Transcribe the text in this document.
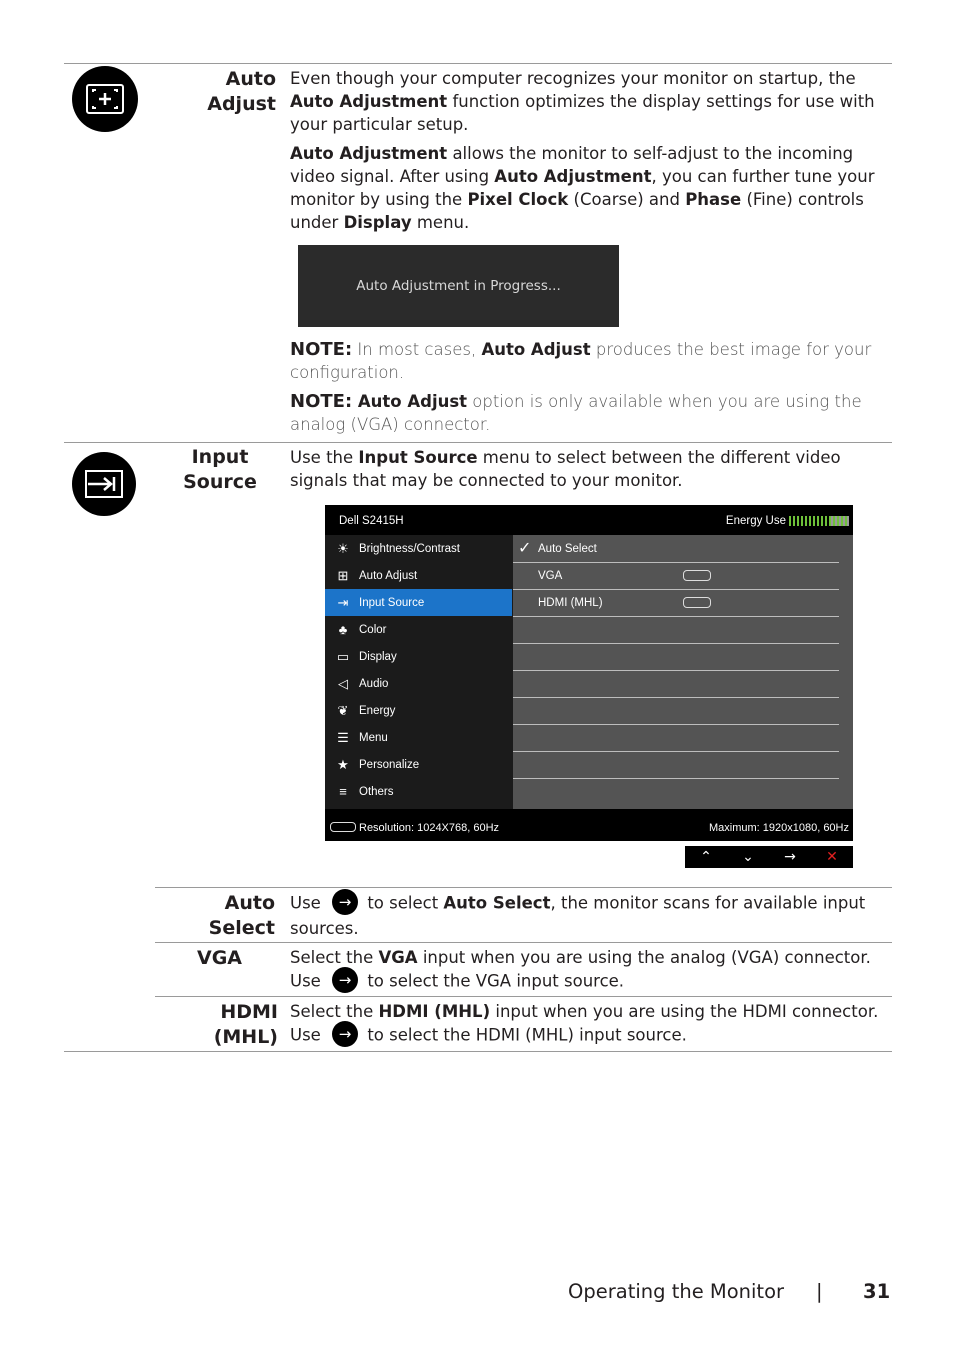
Auto Adjust

Even though your computer recognizes your monitor on startup, the Auto Adjustment function optimizes the display settings for use with your particular setup.

Auto Adjustment allows the monitor to self-adjust to the incoming video signal. After using Auto Adjustment, you can further tune your monitor by using the Pixel Clock (Coarse) and Phase (Fine) controls under Display menu.

Auto Adjustment in Progress...

NOTE: In most cases, Auto Adjust produces the best image for your configuration.

NOTE: Auto Adjust option is only available when you are using the analog (VGA) connector.

Input Source

Use the Input Source menu to select between the different video signals that may be connected to your monitor.

Dell S2415H	Energy Use
☀ Brightness/Contrast
⊞ Auto Adjust
⇥ Input Source
♣	Color
▭ Display
◁ Audio
❦ Energy
☰ Menu
★ Personalize
≡	Others
✓ Auto Select
VGA
HDMI (MHL)
Resolution: 1024X768, 60Hz	Maximum: 1920x1080, 60Hz
⌃	⌄	→	✕
Auto Select
Use → to select Auto Select, the monitor scans for available input sources.
VGA	Select the VGA input when you are using the analog (VGA) connector.
Use → to select the VGA input source.
HDMI (MHL)
Select the HDMI (MHL) input when you are using the HDMI connector.
Use → to select the HDMI (MHL) input source.
Operating the Monitor | 31
